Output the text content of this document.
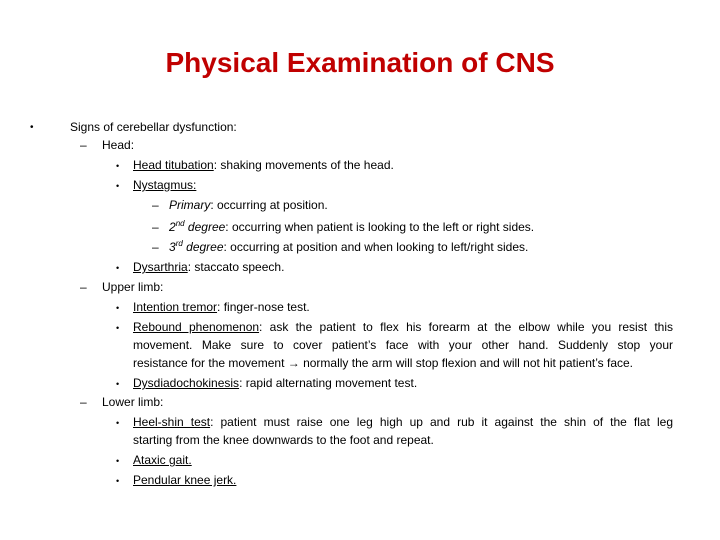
Physical Examination of CNS
•	Signs of cerebellar dysfunction:
– Head:
• Head titubation: shaking movements of the head.
• Nystagmus:
– Primary: occurring at position.
– 2nd degree: occurring when patient is looking to the left or right sides.
– 3rd degree: occurring at position and when looking to left/right sides.
• Dysarthria: staccato speech.
– Upper limb:
• Intention tremor: finger-nose test.
• Rebound phenomenon: ask the patient to flex his forearm at the elbow while you resist this
movement. Make sure to cover patient’s face with your other hand. Suddenly stop your
resistance for the movement → normally the arm will stop flexion and will not hit patient’s face.
• Dysdiadochokinesis: rapid alternating movement test.
– Lower limb:
• Heel-shin test: patient must raise one leg high up and rub it against the shin of the flat leg
starting from the knee downwards to the foot and repeat.
• Ataxic gait.
• Pendular knee jerk.
